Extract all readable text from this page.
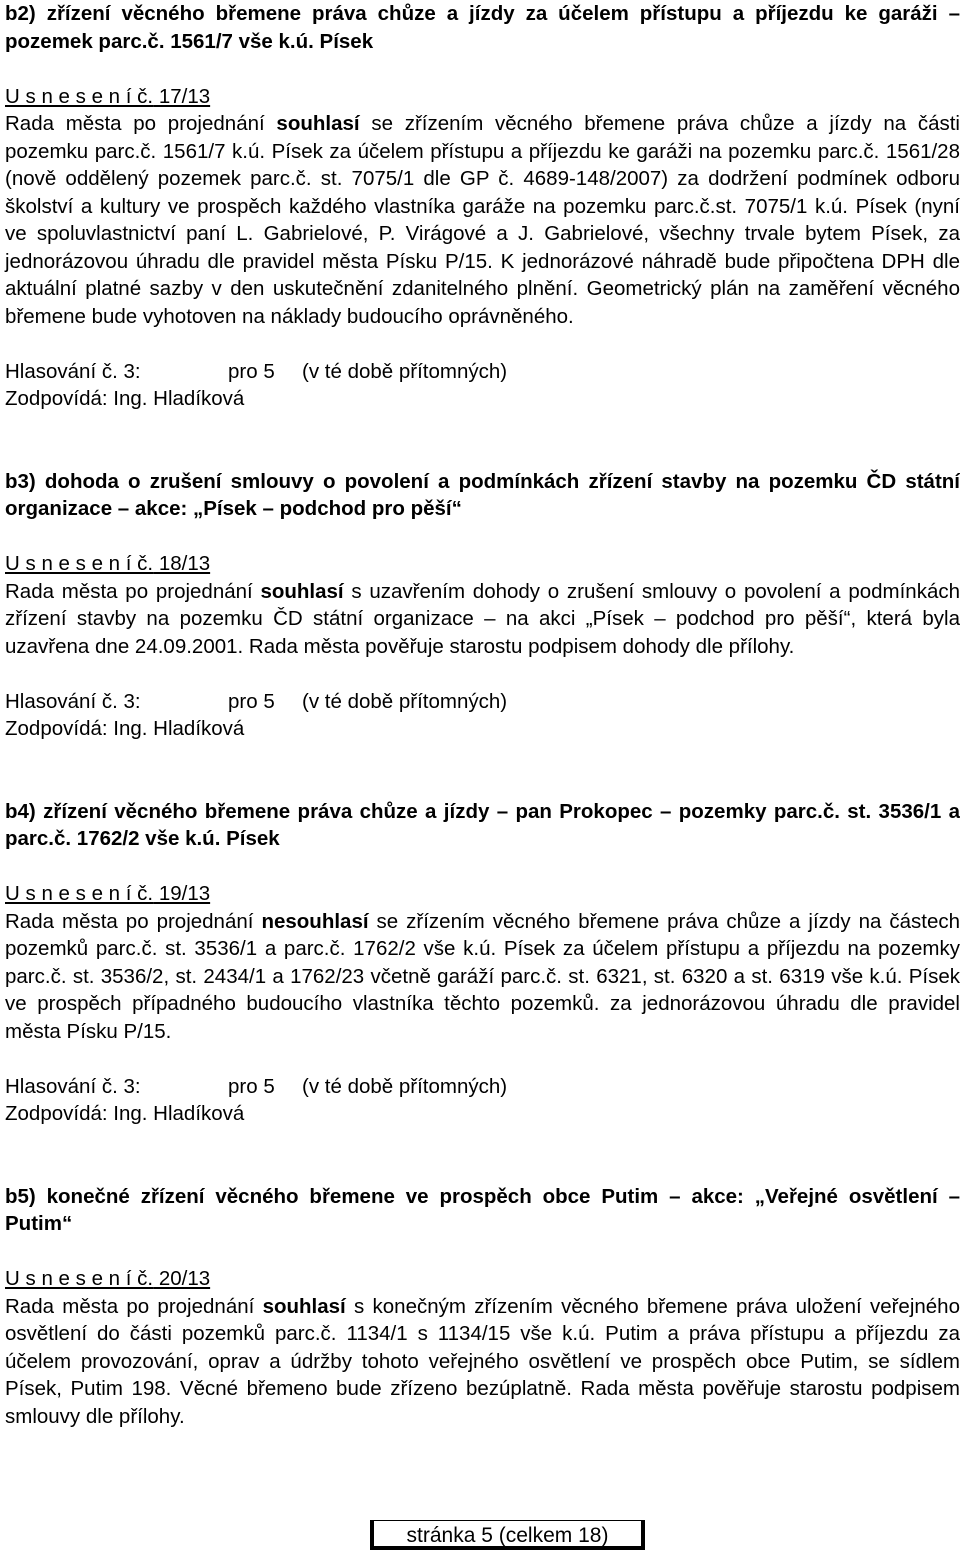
b2) zřízení věcného břemene práva chůze a jízdy za účelem přístupu a příjezdu ke garáži – pozemek parc.č. 1561/7 vše k.ú. Písek

U s n e s e n í č. 17/13

Rada města po projednání souhlasí se zřízením věcného břemene práva chůze a jízdy na části pozemku parc.č. 1561/7 k.ú. Písek za účelem přístupu a příjezdu ke garáži na pozemku parc.č. 1561/28 (nově oddělený pozemek parc.č. st. 7075/1 dle GP č. 4689-148/2007) za dodržení podmínek odboru školství a kultury ve prospěch každého vlastníka garáže na pozemku parc.č.st. 7075/1 k.ú. Písek (nyní ve spoluvlastnictví paní L. Gabrielové, P. Virágové a J. Gabrielové, všechny trvale bytem Písek, za jednorázovou úhradu dle pravidel města Písku P/15. K jednorázové náhradě bude připočtena DPH dle aktuální platné sazby v den uskutečnění zdanitelného plnění. Geometrický plán na zaměření věcného břemene bude vyhotoven na náklady budoucího oprávněného.

Hlasování č. 3:	pro 5 (v té době přítomných)

Zodpovídá: Ing. Hladíková

b3) dohoda o zrušení smlouvy o povolení a podmínkách zřízení stavby na pozemku ČD státní organizace – akce: „Písek – podchod pro pěší“

U s n e s e n í č. 18/13

Rada města po projednání souhlasí s uzavřením dohody o zrušení smlouvy o povolení a podmínkách zřízení stavby na pozemku ČD státní organizace – na akci „Písek – podchod pro pěší“, která byla uzavřena dne 24.09.2001. Rada města pověřuje starostu podpisem dohody dle přílohy.

Hlasování č. 3:	pro 5 (v té době přítomných)

Zodpovídá: Ing. Hladíková

b4) zřízení věcného břemene práva chůze a jízdy – pan Prokopec – pozemky parc.č. st. 3536/1 a parc.č. 1762/2 vše k.ú. Písek

U s n e s e n í č. 19/13

Rada města po projednání nesouhlasí se zřízením věcného břemene práva chůze a jízdy na částech pozemků parc.č. st. 3536/1 a parc.č. 1762/2 vše k.ú. Písek za účelem přístupu a příjezdu na pozemky parc.č. st. 3536/2, st. 2434/1 a 1762/23 včetně garáží parc.č. st. 6321, st. 6320 a st. 6319 vše k.ú. Písek ve prospěch případného budoucího vlastníka těchto pozemků. za jednorázovou úhradu dle pravidel města Písku P/15.

Hlasování č. 3:	pro 5 (v té době přítomných)

Zodpovídá: Ing. Hladíková

b5) konečné zřízení věcného břemene ve prospěch obce Putim – akce: „Veřejné osvětlení – Putim“

U s n e s e n í č. 20/13

Rada města po projednání souhlasí s konečným zřízením věcného břemene práva uložení veřejného osvětlení do části pozemků parc.č. 1134/1 s 1134/15 vše k.ú. Putim a práva přístupu a příjezdu za účelem provozování, oprav a údržby tohoto veřejného osvětlení ve prospěch obce Putim, se sídlem Písek, Putim 198. Věcné břemeno bude zřízeno bezúplatně. Rada města pověřuje starostu podpisem smlouvy dle přílohy.

stránka 5 (celkem 18)
